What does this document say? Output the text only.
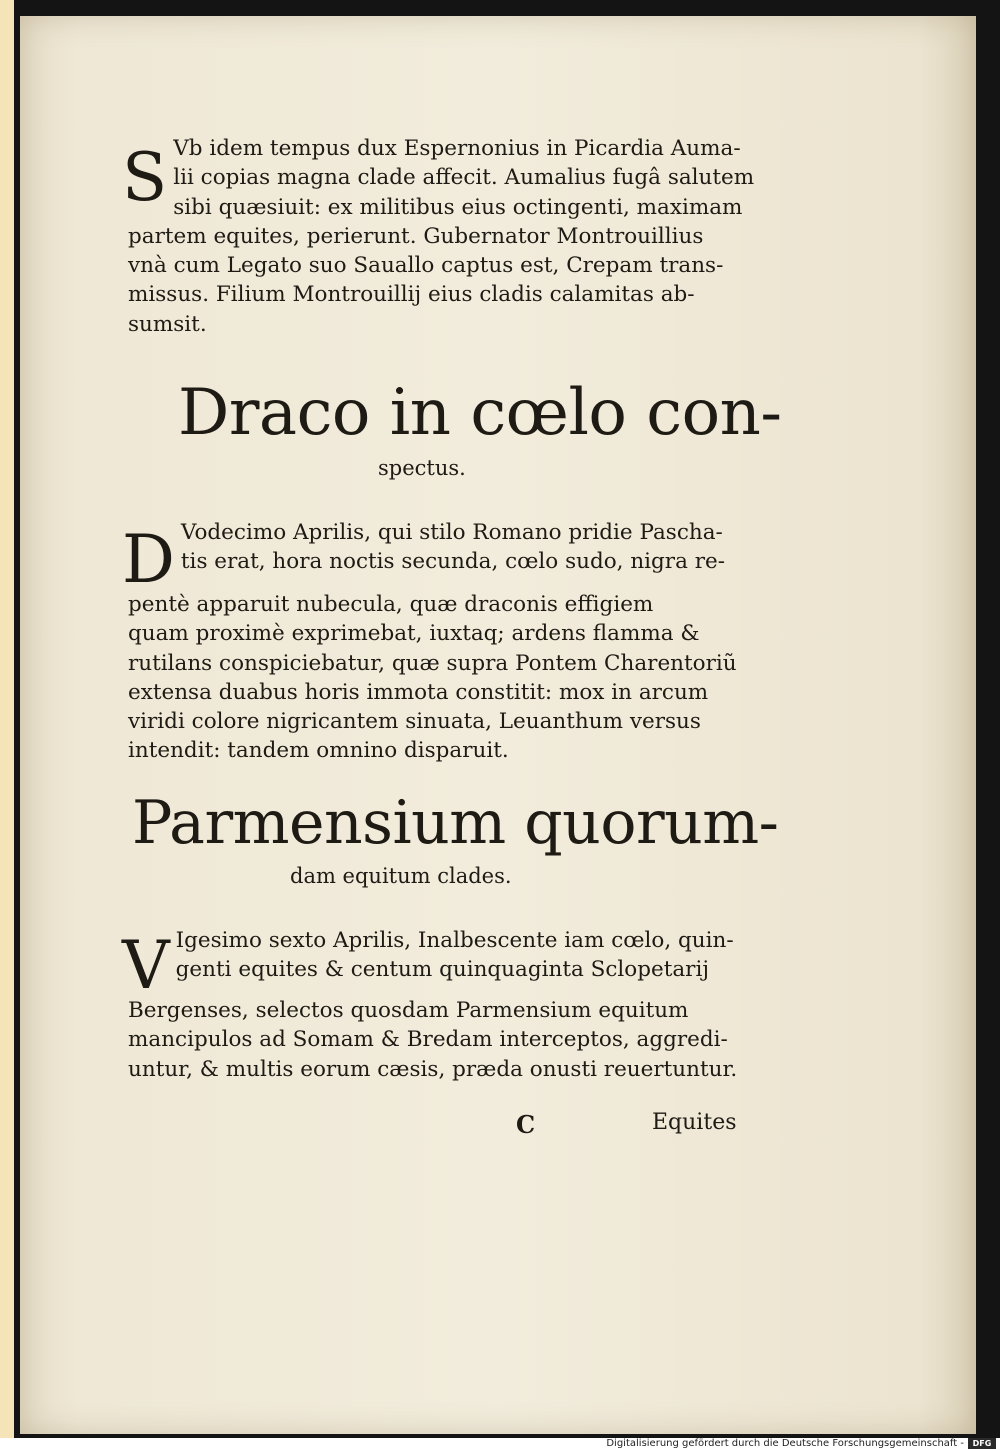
S Vb idem tempus dux Espernonius in Picardia Auma-
lii copias magna clade affecit. Aumalius fugâ salutem
sibi quæsiuit: ex militibus eius octingenti, maximam
partem equites, perierunt. Gubernator Montrouillius
vnà cum Legato suo Sauallo captus est, Crepam trans-
missus. Filium Montrouillij eius cladis calamitas ab-
sumsit.
Draco in cœlo con-
spectus.
D Vodecimo Aprilis, qui stilo Romano pridie Pascha-
tis erat, hora noctis secunda, cœlo sudo, nigra re-
pentè apparuit nubecula, quæ draconis effigiem
quam proximè exprimebat, iuxtaq; ardens flamma &
rutilans conspiciebatur, quæ supra Pontem Charentoriũ
extensa duabus horis immota constitit: mox in arcum
viridi colore nigricantem sinuata, Leuanthum versus
intendit: tandem omnino disparuit.
Parmensium quorum-
dam equitum clades.
V Igesimo sexto Aprilis, Inalbescente iam cœlo, quin-
genti equites & centum quinquaginta Sclopetarij
Bergenses, selectos quosdam Parmensium equitum
mancipulos ad Somam & Bredam interceptos, aggredi-
untur, & multis eorum cæsis, præda onusti reuertuntur.
C	Equites
Digitalisierung gefördert durch die Deutsche Forschungsgemeinschaft -	DFG
